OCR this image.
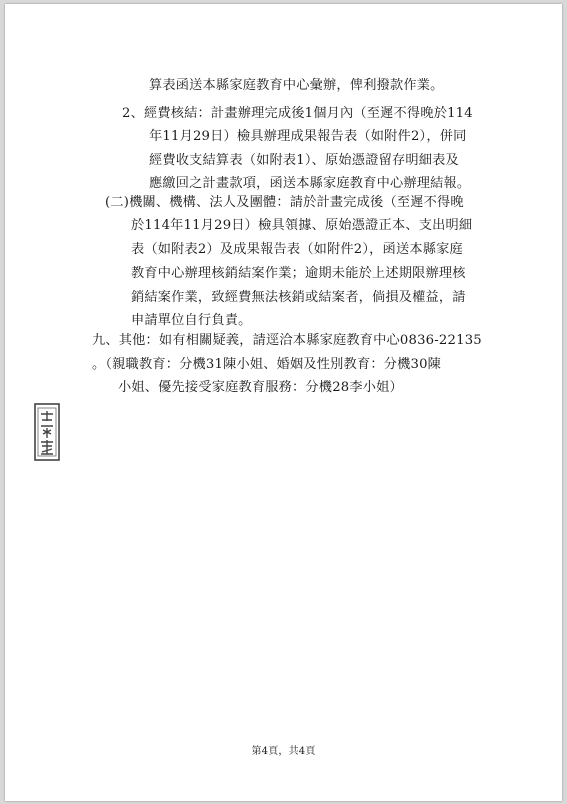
算表函送本縣家庭教育中心彙辦，俾利撥款作業。
2、經費核結：計畫辦理完成後1個月內（至遲不得晚於114
年11月29日）檢具辦理成果報告表（如附件2），併同
經費收支結算表（如附表1）、原始憑證留存明細表及
應繳回之計畫款項，函送本縣家庭教育中心辦理結報。
(二)機關、機構、法人及團體：請於計畫完成後（至遲不得晚
於114年11月29日）檢具領據、原始憑證正本、支出明細
表（如附表2）及成果報告表（如附件2），函送本縣家庭
教育中心辦理核銷結案作業；逾期未能於上述期限辦理核
銷結案作業，致經費無法核銷或結案者，倘損及權益，請
申請單位自行負責。
九、其他：如有相關疑義，請逕洽本縣家庭教育中心0836-22135
。（親職教育：分機31陳小姐、婚姻及性別教育：分機30陳
小姐、優先接受家庭教育服務：分機28李小姐）
第4頁，共4頁
